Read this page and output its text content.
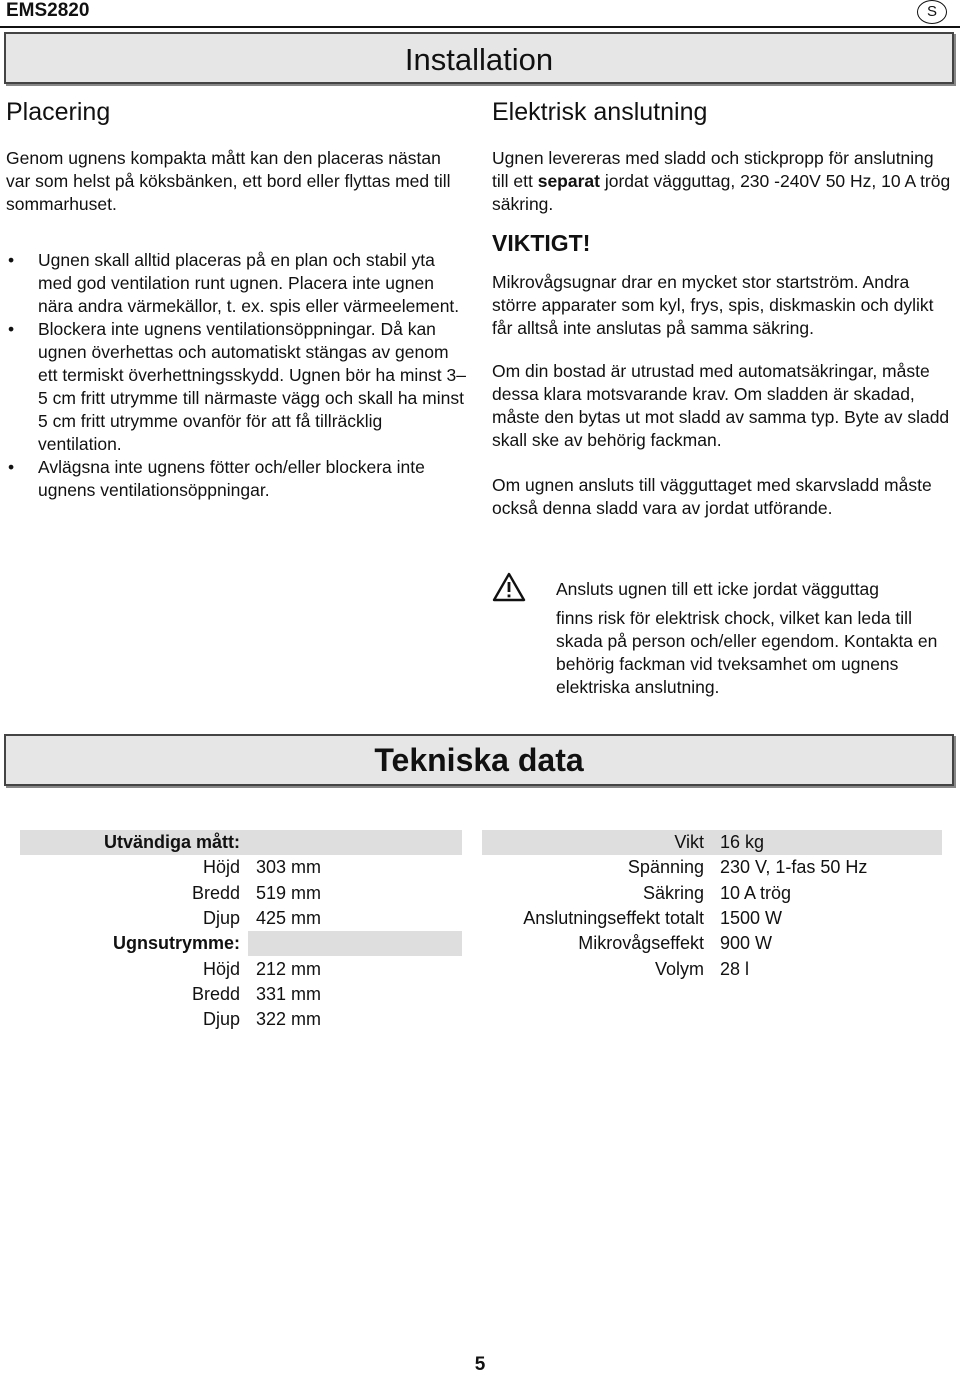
EMS2820	S
Installation
Placering
Genom ugnens kompakta mått kan den placeras nästan var som helst på köksbänken, ett bord eller flyttas med till sommarhuset.
• Ugnen skall alltid placeras på en plan och stabil yta med god ventilation runt ugnen. Placera inte ugnen nära andra värmekällor, t. ex. spis eller värmeelement.
• Blockera inte ugnens ventilationsöppningar. Då kan ugnen överhettas och automatiskt stängas av genom ett termiskt överhettningsskydd. Ugnen bör ha minst 3–5 cm fritt utrymme till närmaste vägg och skall ha minst 5 cm fritt utrymme ovanför för att få tillräcklig ventilation.
• Avlägsna inte ugnens fötter och/eller blockera inte ugnens ventilationsöppningar.
Elektrisk anslutning
Ugnen levereras med sladd och stickpropp för anslutning till ett separat jordat vägguttag, 230 -240V 50 Hz, 10 A trög säkring.
VIKTIGT!
Mikrovågsugnar drar en mycket stor startström. Andra större apparater som kyl, frys, spis, diskmaskin och dylikt får alltså inte anslutas på samma säkring.
Om din bostad är utrustad med automatsäkringar, måste dessa klara motsvarande krav. Om sladden är skadad, måste den bytas ut mot sladd av samma typ. Byte av sladd skall ske av behörig fackman.
Om ugnen ansluts till vägguttaget med skarvsladd måste också denna sladd vara av jordat utförande.
Ansluts ugnen till ett icke jordat vägguttag
finns risk för elektrisk chock, vilket kan leda till skada på person och/eller egendom. Kontakta en behörig fackman vid tveksamhet om ugnens elektriska anslutning.
Tekniska data
Utvändiga mått:	
Höjd	303 mm
Bredd	519 mm
Djup	425 mm
Ugnsutrymme:	
Höjd	212 mm
Bredd	331 mm
Djup	322 mm
Vikt	16 kg
Spänning	230 V, 1-fas 50 Hz
Säkring	10 A trög
Anslutningseffekt totalt	1500 W
Mikrovågseffekt	900 W
Volym	28 l
5
